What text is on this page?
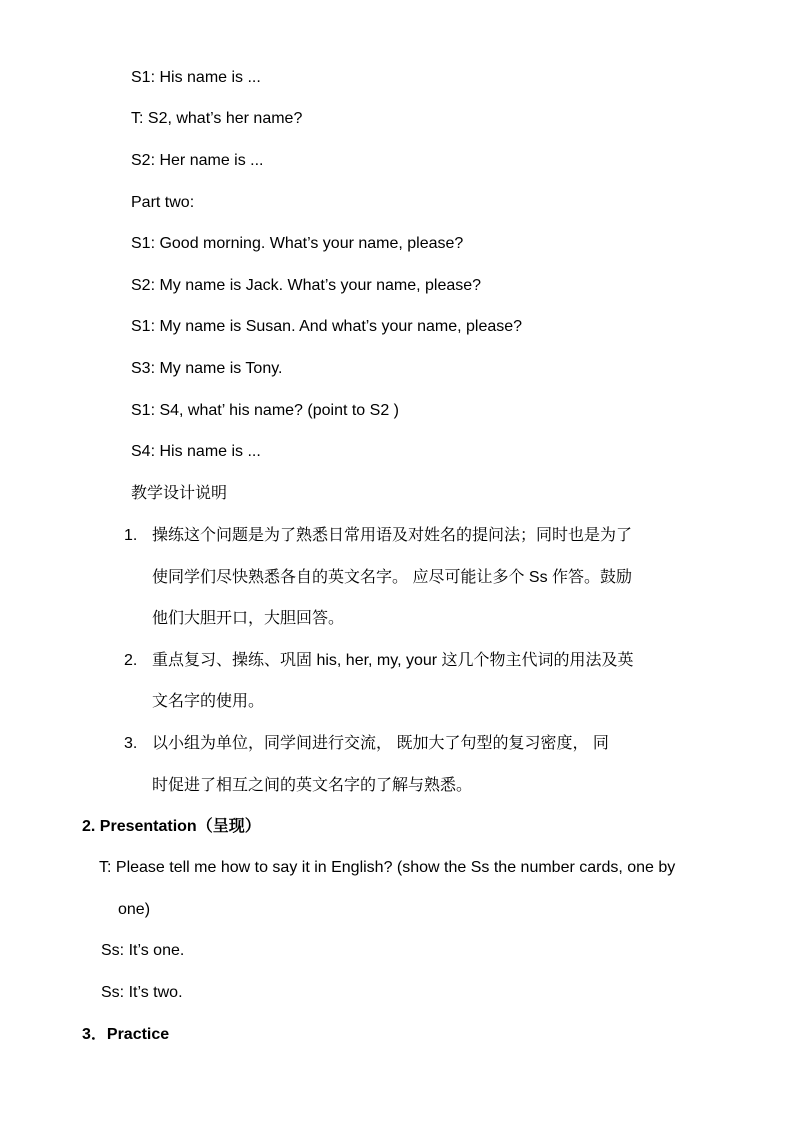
S1: His name is ...
T: S2, what’s her name?
S2: Her name is ...
Part two:
S1: Good morning. What’s your name, please?
S2: My name is Jack. What’s your name, please?
S1: My name is Susan. And what’s your name, please?
S3: My name is Tony.
S1: S4, what’ his name? (point to S2 )
S4: His name is ...
教学设计说明
1. 操练这个问题是为了熟悉日常用语及对姓名的提问法；同时也是为了
使同学们尽快熟悉各自的英文名字。 应尽可能让多个 Ss 作答。鼓励
他们大胆开口，大胆回答。
2. 重点复习、操练、巩固 his, her, my, your 这几个物主代词的用法及英
文名字的使用。
3. 以小组为单位，同学间进行交流， 既加大了句型的复习密度， 同
时促进了相互之间的英文名字的了解与熟悉。
2. Presentation（呈现）
T: Please tell me how to say it in English? (show the Ss the number cards, one by
one)
Ss: It’s one.
Ss: It’s two.
3．Practice
